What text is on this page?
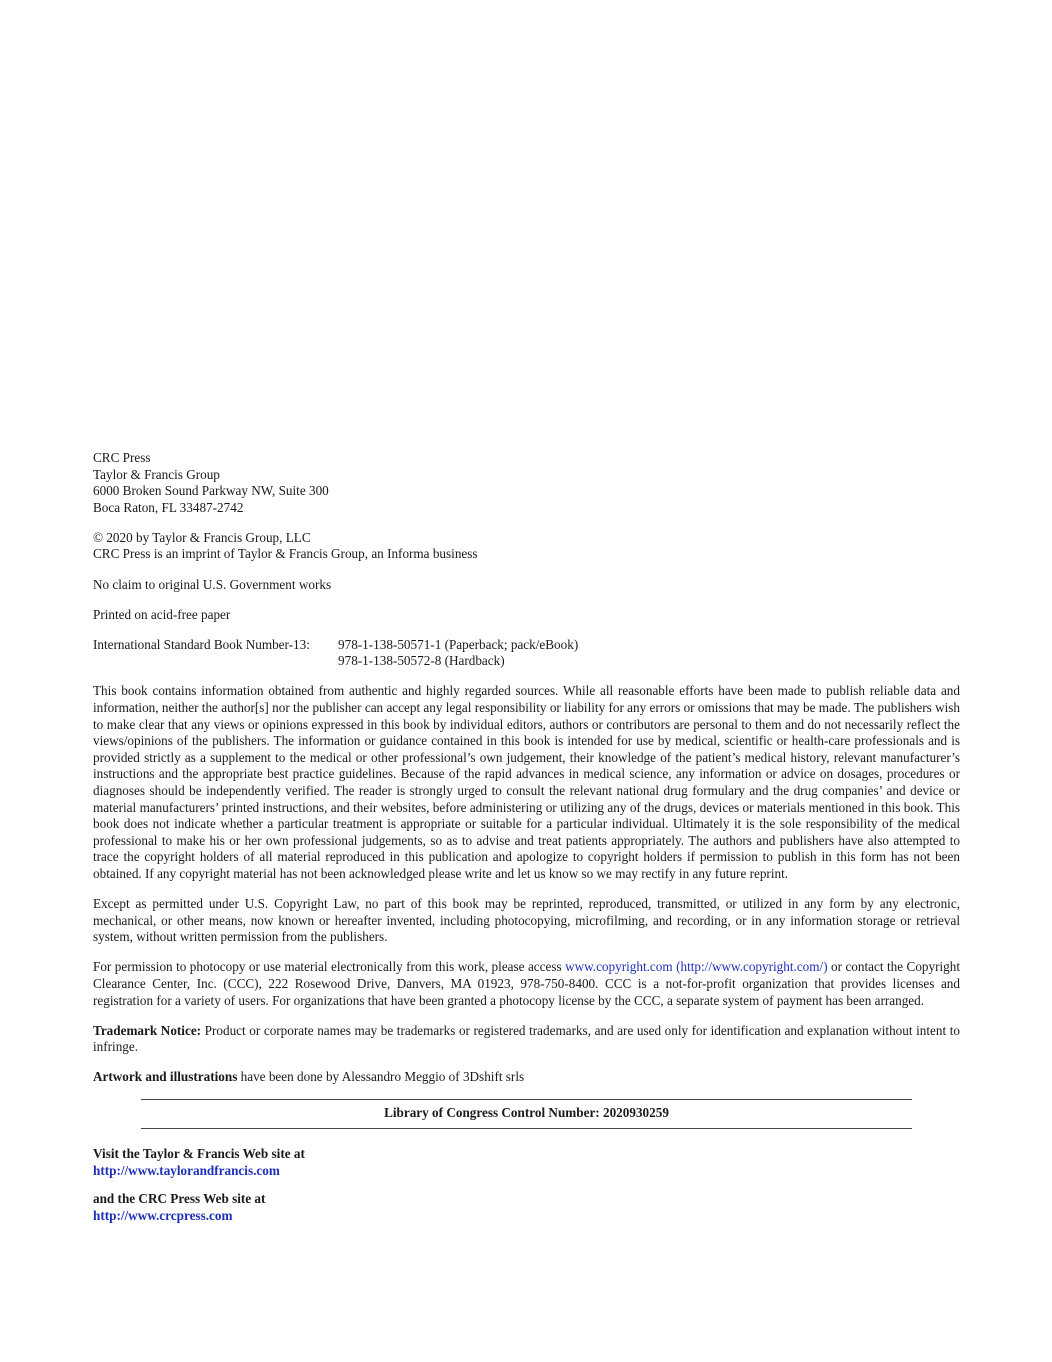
CRC Press
Taylor & Francis Group
6000 Broken Sound Parkway NW, Suite 300
Boca Raton, FL 33487-2742
© 2020 by Taylor & Francis Group, LLC
CRC Press is an imprint of Taylor & Francis Group, an Informa business
No claim to original U.S. Government works
Printed on acid-free paper
International Standard Book Number-13:	978-1-138-50571-1 (Paperback; pack/eBook)
978-1-138-50572-8 (Hardback)
This book contains information obtained from authentic and highly regarded sources. While all reasonable efforts have been made to publish reliable data and information, neither the author[s] nor the publisher can accept any legal responsibility or liability for any errors or omissions that may be made. The publishers wish to make clear that any views or opinions expressed in this book by individual editors, authors or contributors are personal to them and do not necessarily reflect the views/opinions of the publishers. The information or guidance contained in this book is intended for use by medical, scientific or health-care professionals and is provided strictly as a supplement to the medical or other professional’s own judgement, their knowledge of the patient’s medical history, relevant manufacturer’s instructions and the appropriate best practice guidelines. Because of the rapid advances in medical science, any information or advice on dosages, procedures or diagnoses should be independently verified. The reader is strongly urged to consult the relevant national drug formulary and the drug companies’ and device or material manufacturers’ printed instructions, and their websites, before administering or utilizing any of the drugs, devices or materials mentioned in this book. This book does not indicate whether a particular treatment is appropriate or suitable for a particular individual. Ultimately it is the sole responsibility of the medical professional to make his or her own professional judgements, so as to advise and treat patients appropriately. The authors and publishers have also attempted to trace the copyright holders of all material reproduced in this publication and apologize to copyright holders if permission to publish in this form has not been obtained. If any copyright material has not been acknowledged please write and let us know so we may rectify in any future reprint.
Except as permitted under U.S. Copyright Law, no part of this book may be reprinted, reproduced, transmitted, or utilized in any form by any electronic, mechanical, or other means, now known or hereafter invented, including photocopying, microfilming, and recording, or in any information storage or retrieval system, without written permission from the publishers.
For permission to photocopy or use material electronically from this work, please access www.copyright.com (http://www.copyright.com/) or contact the Copyright Clearance Center, Inc. (CCC), 222 Rosewood Drive, Danvers, MA 01923, 978-750-8400. CCC is a not-for-profit organization that provides licenses and registration for a variety of users. For organizations that have been granted a photocopy license by the CCC, a separate system of payment has been arranged.
Trademark Notice: Product or corporate names may be trademarks or registered trademarks, and are used only for identification and explanation without intent to infringe.
Artwork and illustrations have been done by Alessandro Meggio of 3Dshift srls
Library of Congress Control Number: 2020930259
Visit the Taylor & Francis Web site at
http://www.taylorandfrancis.com
and the CRC Press Web site at
http://www.crcpress.com
